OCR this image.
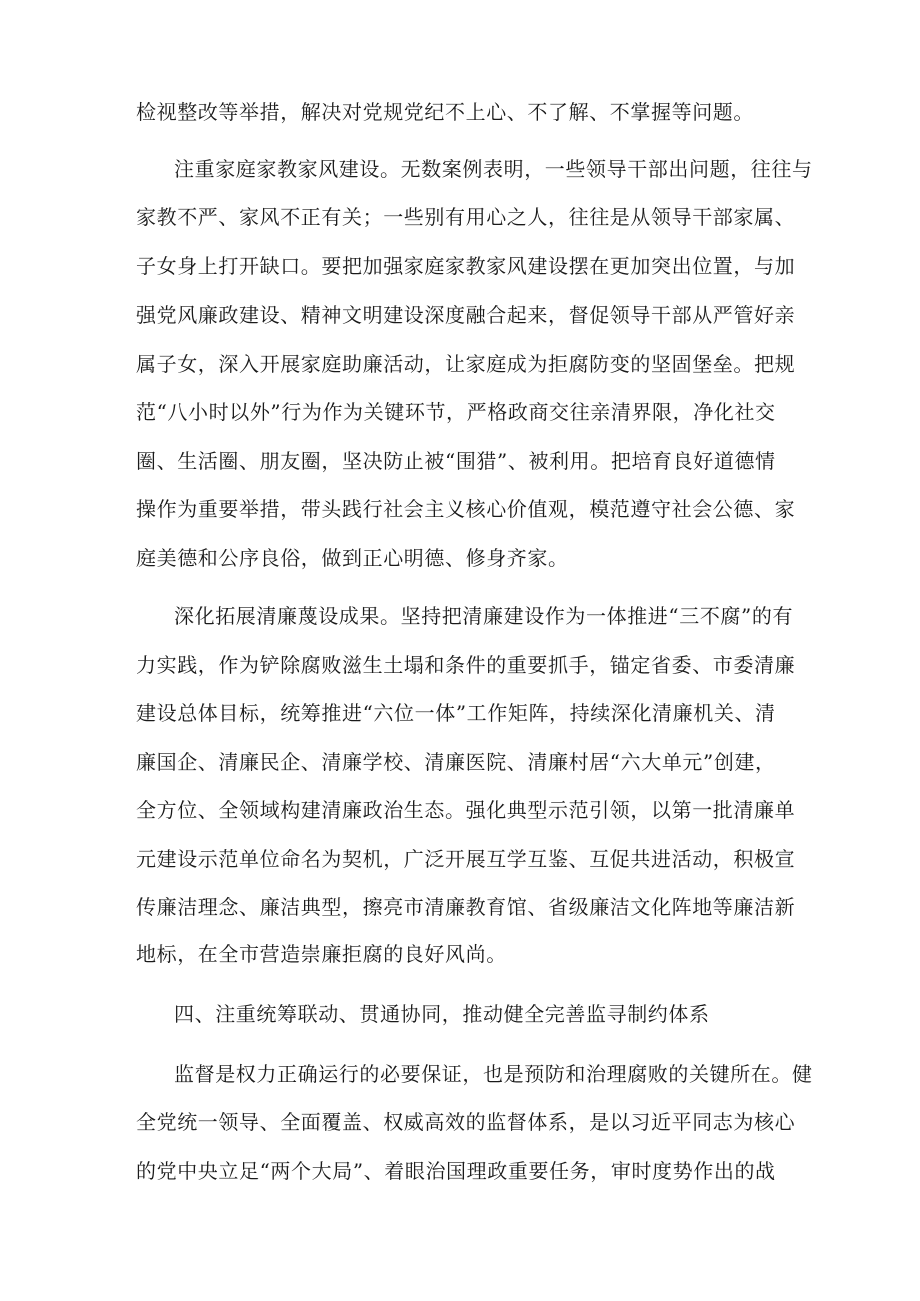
检视整改等举措，解决对党规党纪不上心、不了解、不掌握等问题。
注重家庭家教家风建设。无数案例表明，一些领导干部出问题，往往与
家教不严、家风不正有关；一些别有用心之人，往往是从领导干部家属、
子女身上打开缺口。要把加强家庭家教家风建设摆在更加突出位置，与加
强党风廉政建设、精神文明建设深度融合起来，督促领导干部从严管好亲
属子女，深入开展家庭助廉活动，让家庭成为拒腐防变的坚固堡垒。把规
范“八小时以外”行为作为关键环节，严格政商交往亲清界限，净化社交
圈、生活圈、朋友圈，坚决防止被“围猎”、被利用。把培育良好道德情
操作为重要举措，带头践行社会主义核心价值观，模范遵守社会公德、家
庭美德和公序良俗，做到正心明德、修身齐家。
深化拓展清廉蔑设成果。坚持把清廉建设作为一体推进“三不腐”的有
力实践，作为铲除腐败滋生土塌和条件的重要抓手，锚定省委、市委清廉
建设总体目标，统筹推进“六位一体”工作矩阵，持续深化清廉机关、清
廉国企、清廉民企、清廉学校、清廉医院、清廉村居“六大单元”创建，
全方位、全领域构建清廉政治生态。强化典型示范引领，以第一批清廉单
元建设示范单位命名为契机，广泛开展互学互鉴、互促共进活动，积极宣
传廉洁理念、廉洁典型，擦亮市清廉教育馆、省级廉洁文化阵地等廉洁新
地标，在全市营造崇廉拒腐的良好风尚。
四、注重统筹联动、贯通协同，推动健全完善监寻制约体系
监督是权力正确运行的必要保证，也是预防和治理腐败的关键所在。健
全党统一领导、全面覆盖、权威高效的监督体系，是以习近平同志为核心
的党中央立足“两个大局”、着眼治国理政重要任务，审时度势作出的战
